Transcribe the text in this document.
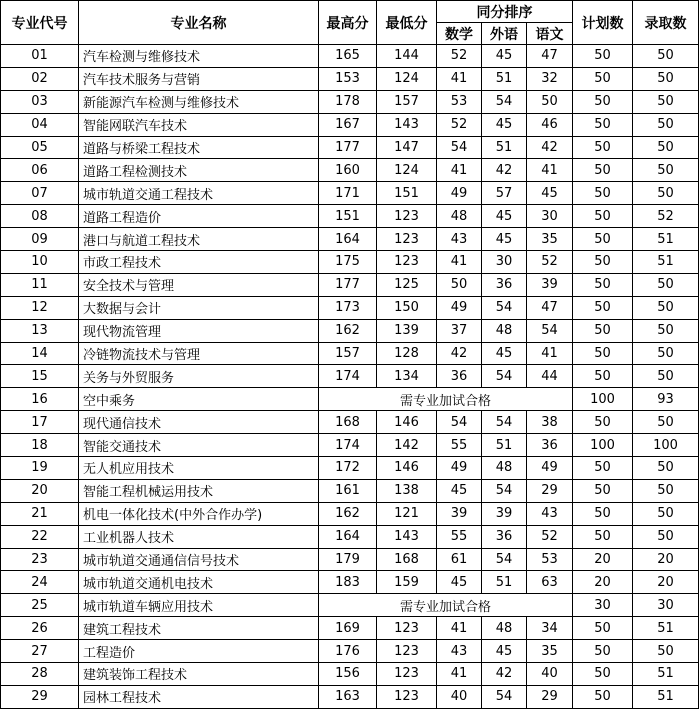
专业代号	专业名称	最高分	最低分	同分排序			计划数	录取数
				数学	外语	语文		
01	汽车检测与维修技术	165	144	52	45	47	50	50
02	汽车技术服务与营销	153	124	41	51	32	50	50
03	新能源汽车检测与维修技术	178	157	53	54	50	50	50
04	智能网联汽车技术	167	143	52	45	46	50	50
05	道路与桥梁工程技术	177	147	54	51	42	50	50
06	道路工程检测技术	160	124	41	42	41	50	50
07	城市轨道交通工程技术	171	151	49	57	45	50	50
08	道路工程造价	151	123	48	45	30	50	52
09	港口与航道工程技术	164	123	43	45	35	50	51
10	市政工程技术	175	123	41	30	52	50	51
11	安全技术与管理	177	125	50	36	39	50	50
12	大数据与会计	173	150	49	54	47	50	50
13	现代物流管理	162	139	37	48	54	50	50
14	冷链物流技术与管理	157	128	42	45	41	50	50
15	关务与外贸服务	174	134	36	54	44	50	50
16	空中乘务	需专业加试合格					100	93
17	现代通信技术	168	146	54	54	38	50	50
18	智能交通技术	174	142	55	51	36	100	100
19	无人机应用技术	172	146	49	48	49	50	50
20	智能工程机械运用技术	161	138	45	54	29	50	50
21	机电一体化技术(中外合作办学)	162	121	39	39	43	50	50
22	工业机器人技术	164	143	55	36	52	50	50
23	城市轨道交通通信信号技术	179	168	61	54	53	20	20
24	城市轨道交通机电技术	183	159	45	51	63	20	20
25	城市轨道车辆应用技术	需专业加试合格					30	30
26	建筑工程技术	169	123	41	48	34	50	51
27	工程造价	176	123	43	45	35	50	50
28	建筑装饰工程技术	156	123	41	42	40	50	51
29	园林工程技术	163	123	40	54	29	50	51
